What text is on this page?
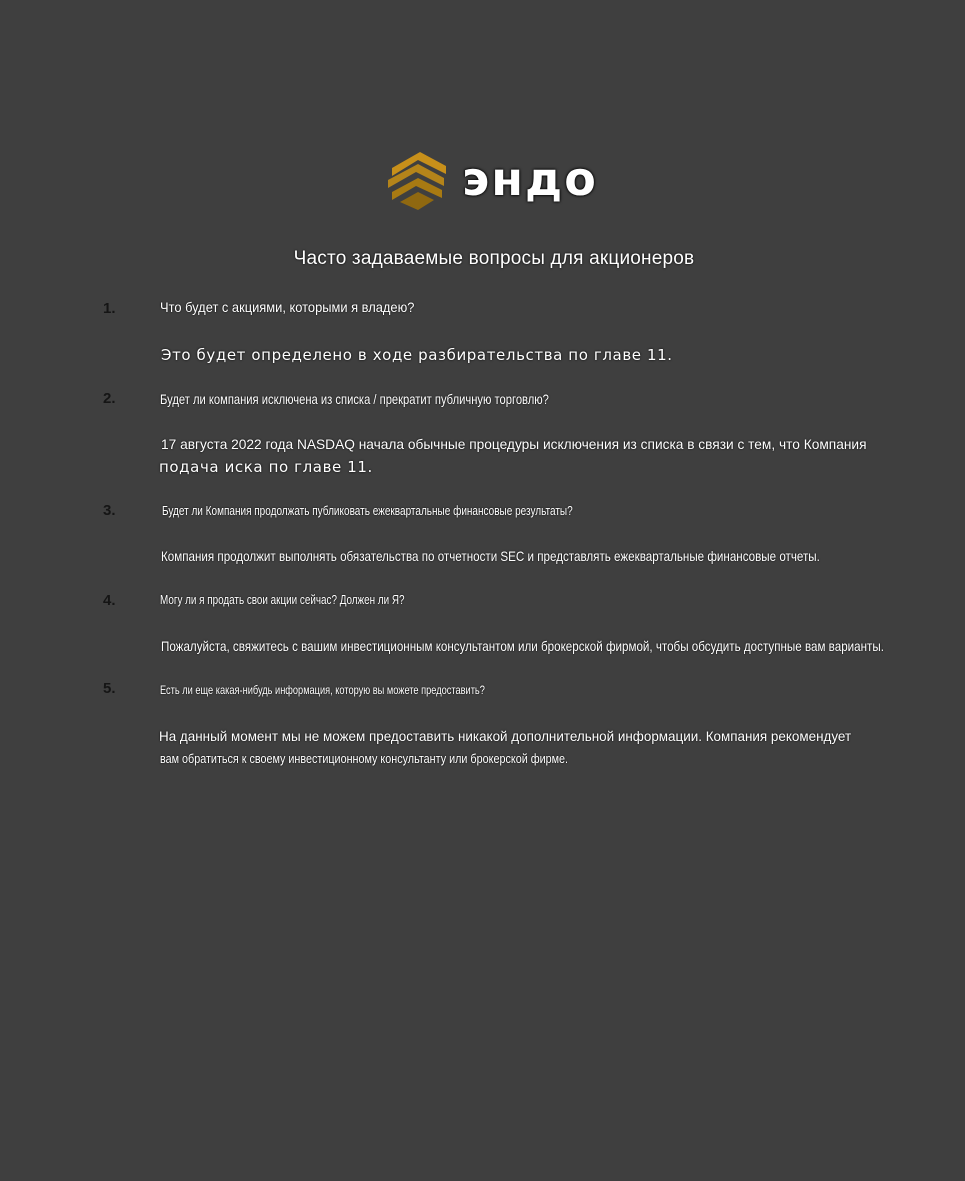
эндо
Часто задаваемые вопросы для акционеров
1.	Что будет с акциями, которыми я владею?
Это будет определено в ходе разбирательства по главе 11.
2.	Будет ли компания исключена из списка / прекратит публичную торговлю?
17 августа 2022 года NASDAQ начала обычные процедуры исключения из списка в связи с тем, что Компания
подача иска по главе 11.
3.	Будет ли Компания продолжать публиковать ежеквартальные финансовые результаты?
Компания продолжит выполнять обязательства по отчетности SEC и представлять ежеквартальные финансовые отчеты.
4.	Могу ли я продать свои акции сейчас? Должен ли Я?
Пожалуйста, свяжитесь с вашим инвестиционным консультантом или брокерской фирмой, чтобы обсудить доступные вам варианты.
5.	Есть ли еще какая-нибудь информация, которую вы можете предоставить?
На данный момент мы не можем предоставить никакой дополнительной информации. Компания рекомендует
вам обратиться к своему инвестиционному консультанту или брокерской фирме.
